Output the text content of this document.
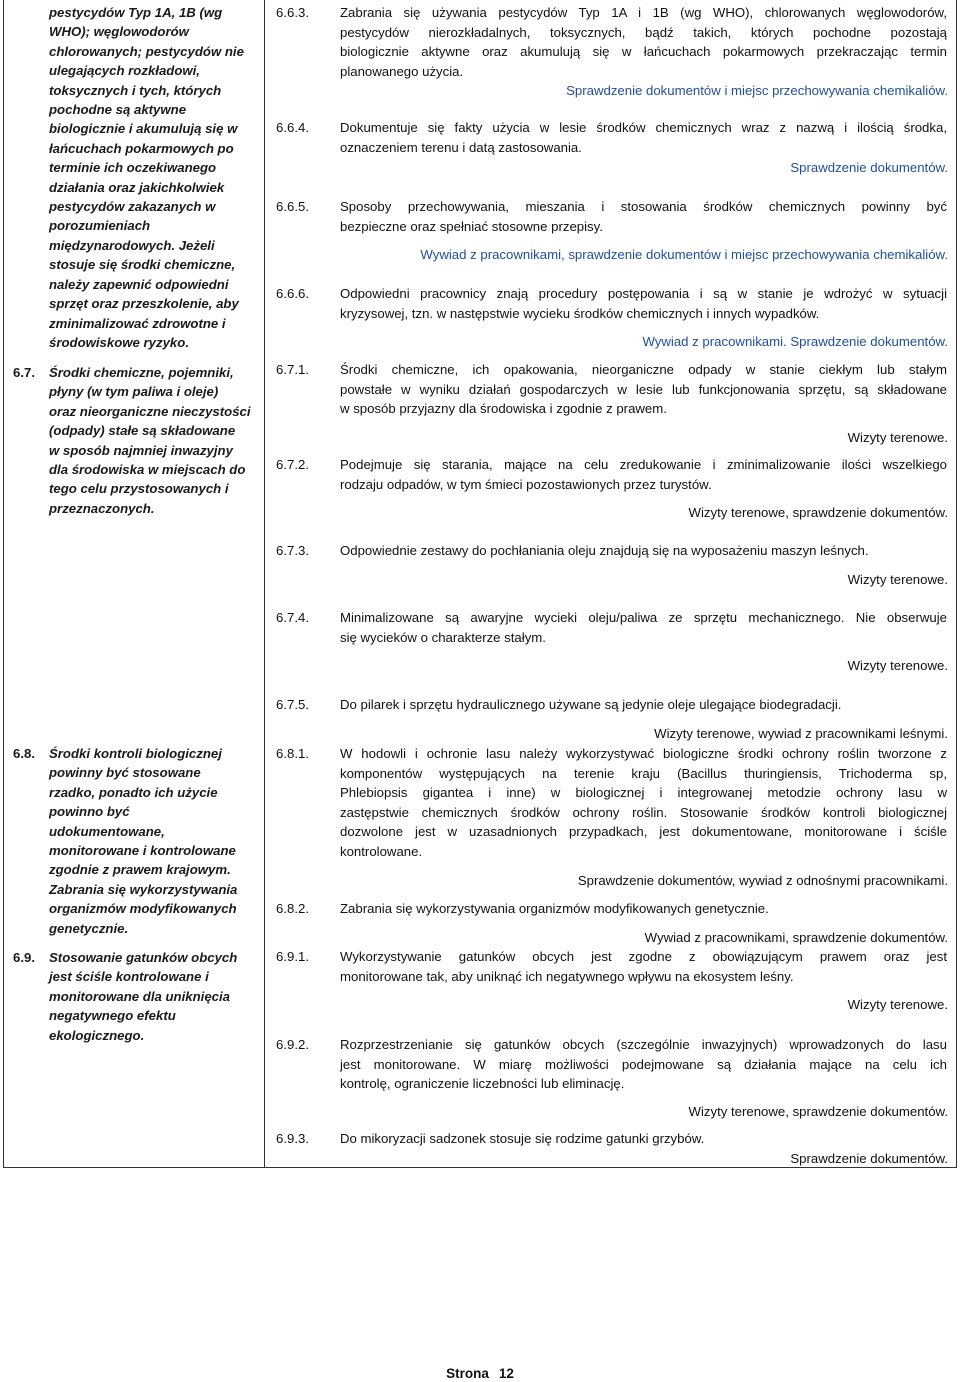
pestycydów Typ 1A, 1B (wg
WHO); węglowodorów
chlorowanych; pestycydów nie
ulegających rozkładowi,
toksycznych i tych, których
pochodne są aktywne
biologicznie i akumulują się w
łańcuchach pokarmowych po
terminie ich oczekiwanego
działania oraz jakichkolwiek
pestycydów zakazanych w
porozumieniach
międzynarodowych. Jeżeli
stosuje się środki chemiczne,
należy zapewnić odpowiedni
sprzęt oraz przeszkolenie, aby
zminimalizować zdrowotne i
środowiskowe ryzyko.
6.7. Środki chemiczne, pojemniki,
płyny (w tym paliwa i oleje)
oraz nieorganiczne nieczystości
(odpady) stałe są składowane
w sposób najmniej inwazyjny
dla środowiska w miejscach do
tego celu przystosowanych i
przeznaczonych.
6.8. Środki kontroli biologicznej
powinny być stosowane
rzadko, ponadto ich użycie
powinno być
udokumentowane,
monitorowane i kontrolowane
zgodnie z prawem krajowym.
Zabrania się wykorzystywania
organizmów modyfikowanych
genetycznie.
6.9. Stosowanie gatunków obcych
jest ściśle kontrolowane i
monitorowane dla uniknięcia
negatywnego efektu
ekologicznego.
6.6.3. Zabrania się używania pestycydów Typ 1A i 1B (wg WHO), chlorowanych węglowodorów,
pestycydów nierozkładalnych, toksycznych, bądź takich, których pochodne pozostają
biologicznie aktywne oraz akumulują się w łańcuchach pokarmowych przekraczając termin
planowanego użycia.
Sprawdzenie dokumentów i miejsc przechowywania chemikaliów.
6.6.4. Dokumentuje się fakty użycia w lesie środków chemicznych wraz z nazwą i ilością środka,
oznaczeniem terenu i datą zastosowania.
Sprawdzenie dokumentów.
6.6.5. Sposoby przechowywania, mieszania i stosowania środków chemicznych powinny być
bezpieczne oraz spełniać stosowne przepisy.
Wywiad z pracownikami, sprawdzenie dokumentów i miejsc przechowywania chemikaliów.
6.6.6. Odpowiedni pracownicy znają procedury postępowania i są w stanie je wdrożyć w sytuacji
kryzysowej, tzn. w następstwie wycieku środków chemicznych i innych wypadków.
Wywiad z pracownikami. Sprawdzenie dokumentów.
6.7.1. Środki chemiczne, ich opakowania, nieorganiczne odpady w stanie ciekłym lub stałym
powstałe w wyniku działań gospodarczych w lesie lub funkcjonowania sprzętu, są składowane
w sposób przyjazny dla środowiska i zgodnie z prawem.
Wizyty terenowe.
6.7.2. Podejmuje się starania, mające na celu zredukowanie i zminimalizowanie ilości wszelkiego
rodzaju odpadów, w tym śmieci pozostawionych przez turystów.
Wizyty terenowe, sprawdzenie dokumentów.
6.7.3. Odpowiednie zestawy do pochłaniania oleju znajdują się na wyposażeniu maszyn leśnych.
Wizyty terenowe.
6.7.4. Minimalizowane są awaryjne wycieki oleju/paliwa ze sprzętu mechanicznego. Nie obserwuje
się wycieków o charakterze stałym.
Wizyty terenowe.
6.7.5. Do pilarek i sprzętu hydraulicznego używane są jedynie oleje ulegające biodegradacji.
Wizyty terenowe, wywiad z pracownikami leśnymi.
6.8.1. W hodowli i ochronie lasu należy wykorzystywać biologiczne środki ochrony roślin tworzone z
komponentów występujących na terenie kraju (Bacillus thuringiensis, Trichoderma sp,
Phlebiopsis gigantea i inne) w biologicznej i integrowanej metodzie ochrony lasu w
zastępstwie chemicznych środków ochrony roślin. Stosowanie środków kontroli biologicznej
dozwolone jest w uzasadnionych przypadkach, jest dokumentowane, monitorowane i ściśle
kontrolowane.
Sprawdzenie dokumentów, wywiad z odnośnymi pracownikami.
6.8.2. Zabrania się wykorzystywania organizmów modyfikowanych genetycznie.
Wywiad z pracownikami, sprawdzenie dokumentów.
6.9.1. Wykorzystywanie gatunków obcych jest zgodne z obowiązującym prawem oraz jest
monitorowane tak, aby uniknąć ich negatywnego wpływu na ekosystem leśny.
Wizyty terenowe.
6.9.2. Rozprzestrzenianie się gatunków obcych (szczególnie inwazyjnych) wprowadzonych do lasu
jest monitorowane. W miarę możliwości podejmowane są działania mające na celu ich
kontrolę, ograniczenie liczebności lub eliminację.
Wizyty terenowe, sprawdzenie dokumentów.
6.9.3. Do mikoryzacji sadzonek stosuje się rodzime gatunki grzybów.
Sprawdzenie dokumentów.
Strona 12
